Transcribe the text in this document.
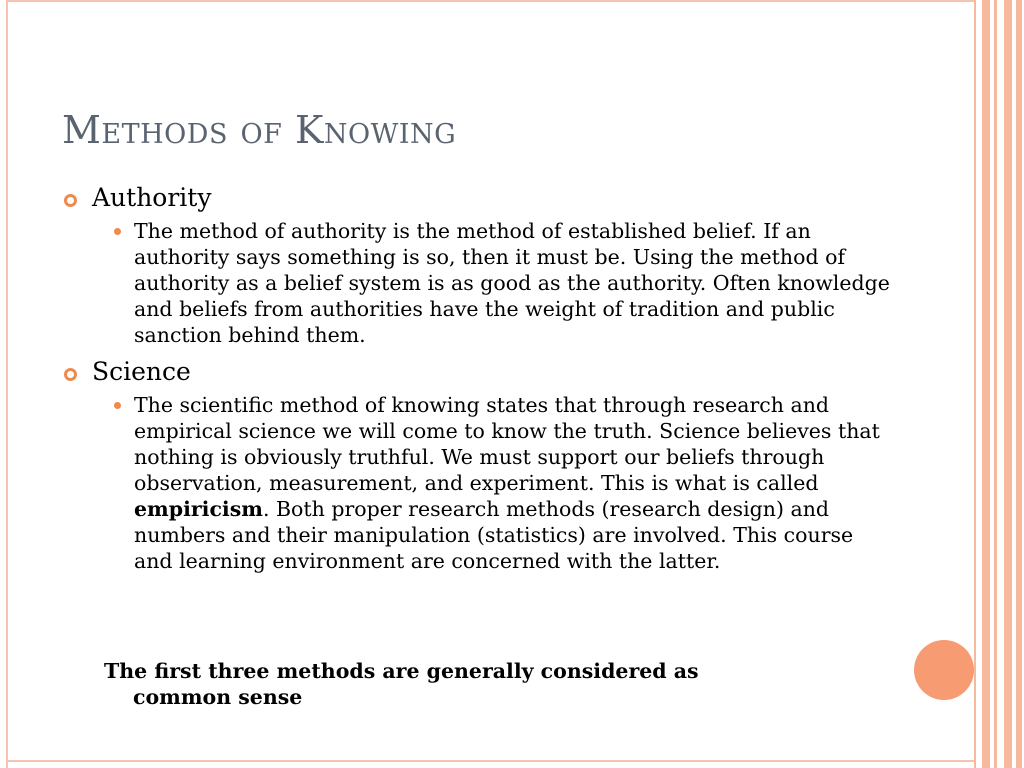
Methods of Knowing
Authority
The method of authority is the method of established belief. If an authority says something is so, then it must be. Using the method of authority as a belief system is as good as the authority. Often knowledge and beliefs from authorities have the weight of tradition and public sanction behind them.
Science
The scientific method of knowing states that through research and empirical science we will come to know the truth. Science believes that nothing is obviously truthful. We must support our beliefs through observation, measurement, and experiment. This is what is called empiricism. Both proper research methods (research design) and numbers and their manipulation (statistics) are involved. This course and learning environment are concerned with the latter.
The first three methods are generally considered as
common sense
